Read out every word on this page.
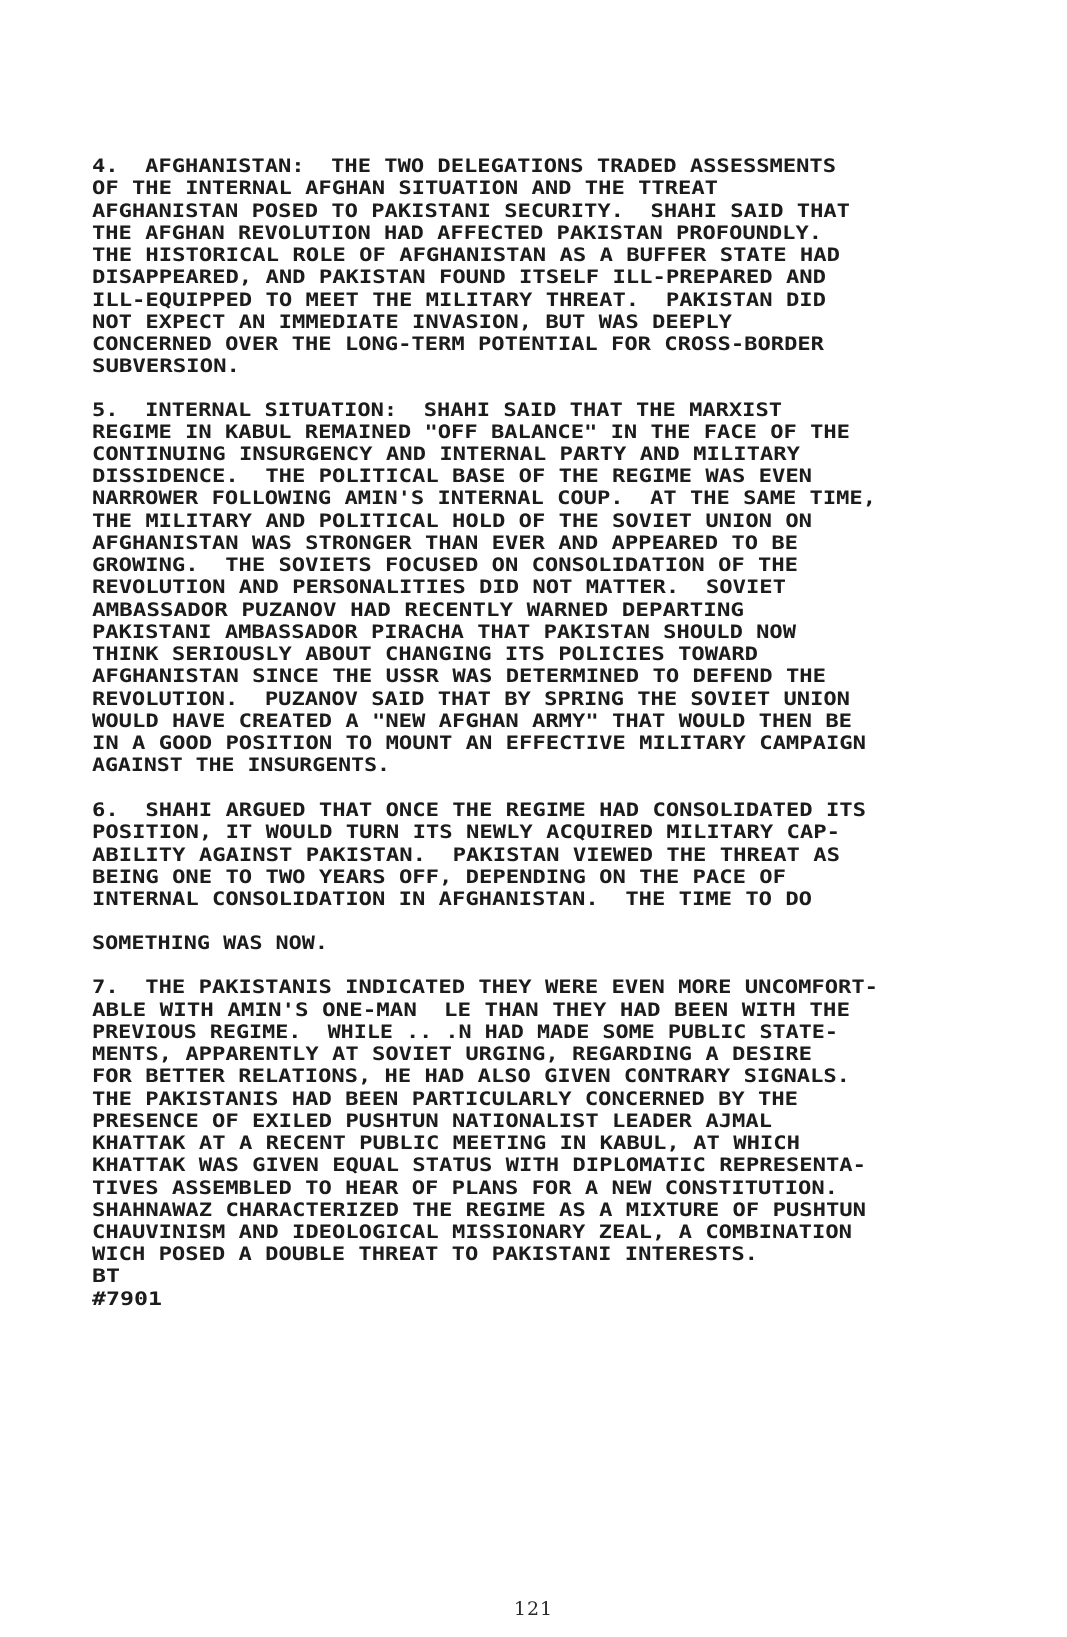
4.  AFGHANISTAN:  THE TWO DELEGATIONS TRADED ASSESSMENTS
OF THE INTERNAL AFGHAN SITUATION AND THE TTREAT
AFGHANISTAN POSED TO PAKISTANI SECURITY.  SHAHI SAID THAT
THE AFGHAN REVOLUTION HAD AFFECTED PAKISTAN PROFOUNDLY.
THE HISTORICAL ROLE OF AFGHANISTAN AS A BUFFER STATE HAD
DISAPPEARED, AND PAKISTAN FOUND ITSELF ILL-PREPARED AND
ILL-EQUIPPED TO MEET THE MILITARY THREAT.  PAKISTAN DID
NOT EXPECT AN IMMEDIATE INVASION, BUT WAS DEEPLY
CONCERNED OVER THE LONG-TERM POTENTIAL FOR CROSS-BORDER
SUBVERSION.
5.  INTERNAL SITUATION:  SHAHI SAID THAT THE MARXIST
REGIME IN KABUL REMAINED "OFF BALANCE" IN THE FACE OF THE
CONTINUING INSURGENCY AND INTERNAL PARTY AND MILITARY
DISSIDENCE.  THE POLITICAL BASE OF THE REGIME WAS EVEN
NARROWER FOLLOWING AMIN'S INTERNAL COUP.  AT THE SAME TIME,
THE MILITARY AND POLITICAL HOLD OF THE SOVIET UNION ON
AFGHANISTAN WAS STRONGER THAN EVER AND APPEARED TO BE
GROWING.  THE SOVIETS FOCUSED ON CONSOLIDATION OF THE
REVOLUTION AND PERSONALITIES DID NOT MATTER.  SOVIET
AMBASSADOR PUZANOV HAD RECENTLY WARNED DEPARTING
PAKISTANI AMBASSADOR PIRACHA THAT PAKISTAN SHOULD NOW
THINK SERIOUSLY ABOUT CHANGING ITS POLICIES TOWARD
AFGHANISTAN SINCE THE USSR WAS DETERMINED TO DEFEND THE
REVOLUTION.  PUZANOV SAID THAT BY SPRING THE SOVIET UNION
WOULD HAVE CREATED A "NEW AFGHAN ARMY" THAT WOULD THEN BE
IN A GOOD POSITION TO MOUNT AN EFFECTIVE MILITARY CAMPAIGN
AGAINST THE INSURGENTS.
6.  SHAHI ARGUED THAT ONCE THE REGIME HAD CONSOLIDATED ITS
POSITION, IT WOULD TURN ITS NEWLY ACQUIRED MILITARY CAP-
ABILITY AGAINST PAKISTAN.  PAKISTAN VIEWED THE THREAT AS
BEING ONE TO TWO YEARS OFF, DEPENDING ON THE PACE OF
INTERNAL CONSOLIDATION IN AFGHANISTAN.  THE TIME TO DO
SOMETHING WAS NOW.
7.  THE PAKISTANIS INDICATED THEY WERE EVEN MORE UNCOMFORT-
ABLE WITH AMIN'S ONE-MAN  LE THAN THEY HAD BEEN WITH THE
PREVIOUS REGIME.  WHILE .. .N HAD MADE SOME PUBLIC STATE-
MENTS, APPARENTLY AT SOVIET URGING, REGARDING A DESIRE
FOR BETTER RELATIONS, HE HAD ALSO GIVEN CONTRARY SIGNALS.
THE PAKISTANIS HAD BEEN PARTICULARLY CONCERNED BY THE
PRESENCE OF EXILED PUSHTUN NATIONALIST LEADER AJMAL
KHATTAK AT A RECENT PUBLIC MEETING IN KABUL, AT WHICH
KHATTAK WAS GIVEN EQUAL STATUS WITH DIPLOMATIC REPRESENTA-
TIVES ASSEMBLED TO HEAR OF PLANS FOR A NEW CONSTITUTION.
SHAHNAWAZ CHARACTERIZED THE REGIME AS A MIXTURE OF PUSHTUN
CHAUVINISM AND IDEOLOGICAL MISSIONARY ZEAL, A COMBINATION
WICH POSED A DOUBLE THREAT TO PAKISTANI INTERESTS.
BT
#7901
121
